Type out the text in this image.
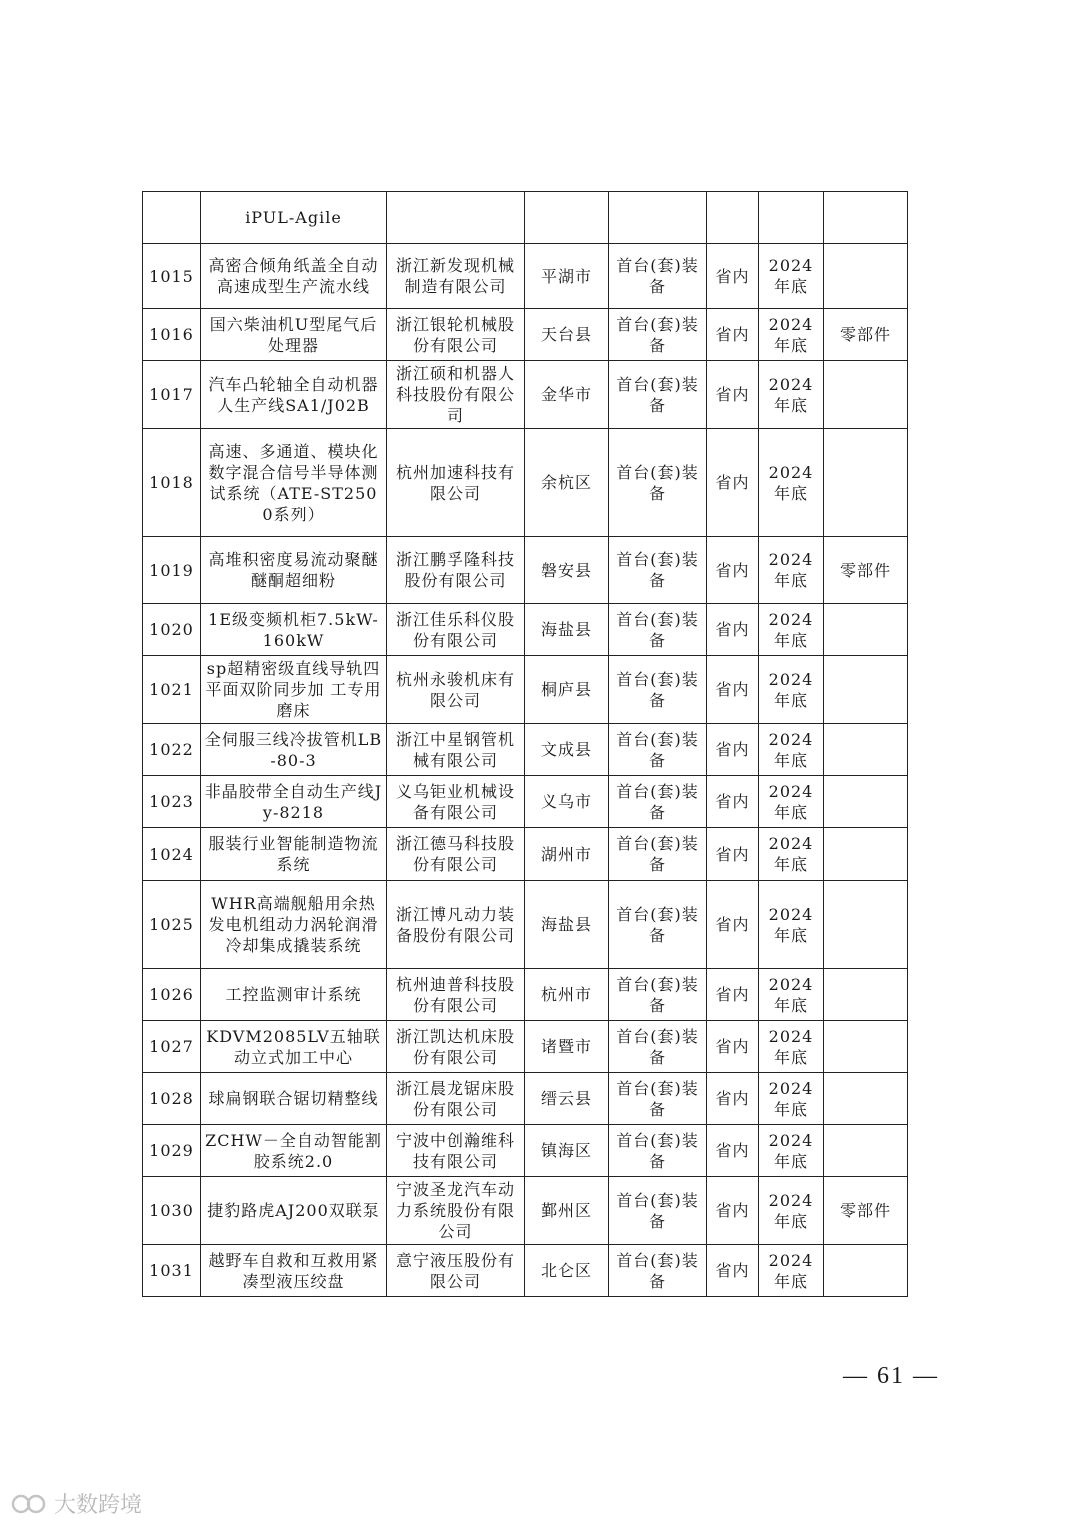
	iPUL-Agile						
1015	高密合倾角纸盖全自动高速成型生产流水线	浙江新发现机械制造有限公司	平湖市	首台(套)装备	省内	2024年底	
1016	国六柴油机U型尾气后处理器	浙江银轮机械股份有限公司	天台县	首台(套)装备	省内	2024年底	零部件
1017	汽车凸轮轴全自动机器人生产线SA1/J02B	浙江硕和机器人科技股份有限公司	金华市	首台(套)装备	省内	2024年底	
1018	高速、多通道、模块化数字混合信号半导体测试系统（ATE-ST2500系列）	杭州加速科技有限公司	余杭区	首台(套)装备	省内	2024年底	
1019	高堆积密度易流动聚醚醚酮超细粉	浙江鹏孚隆科技股份有限公司	磐安县	首台(套)装备	省内	2024年底	零部件
1020	1E级变频机柜7.5kW-160kW	浙江佳乐科仪股份有限公司	海盐县	首台(套)装备	省内	2024年底	
1021	sp超精密级直线导轨四平面双阶同步加 工专用磨床	杭州永骏机床有限公司	桐庐县	首台(套)装备	省内	2024年底	
1022	全伺服三线冷拔管机LB-80-3	浙江中星钢管机械有限公司	文成县	首台(套)装备	省内	2024年底	
1023	非晶胶带全自动生产线Jy-8218	义乌钜业机械设备有限公司	义乌市	首台(套)装备	省内	2024年底	
1024	服装行业智能制造物流系统	浙江德马科技股份有限公司	湖州市	首台(套)装备	省内	2024年底	
1025	WHR高端舰船用余热发电机组动力涡轮润滑冷却集成撬装系统	浙江博凡动力装备股份有限公司	海盐县	首台(套)装备	省内	2024年底	
1026	工控监测审计系统	杭州迪普科技股份有限公司	杭州市	首台(套)装备	省内	2024年底	
1027	KDVM2085LV五轴联动立式加工中心	浙江凯达机床股份有限公司	诸暨市	首台(套)装备	省内	2024年底	
1028	球扁钢联合锯切精整线	浙江晨龙锯床股份有限公司	缙云县	首台(套)装备	省内	2024年底	
1029	ZCHW－全自动智能割胶系统2.0	宁波中创瀚维科技有限公司	镇海区	首台(套)装备	省内	2024年底	
1030	捷豹路虎AJ200双联泵	宁波圣龙汽车动力系统股份有限公司	鄞州区	首台(套)装备	省内	2024年底	零部件
1031	越野车自救和互救用紧凑型液压绞盘	意宁液压股份有限公司	北仑区	首台(套)装备	省内	2024年底	
— 61 —
大数跨境
